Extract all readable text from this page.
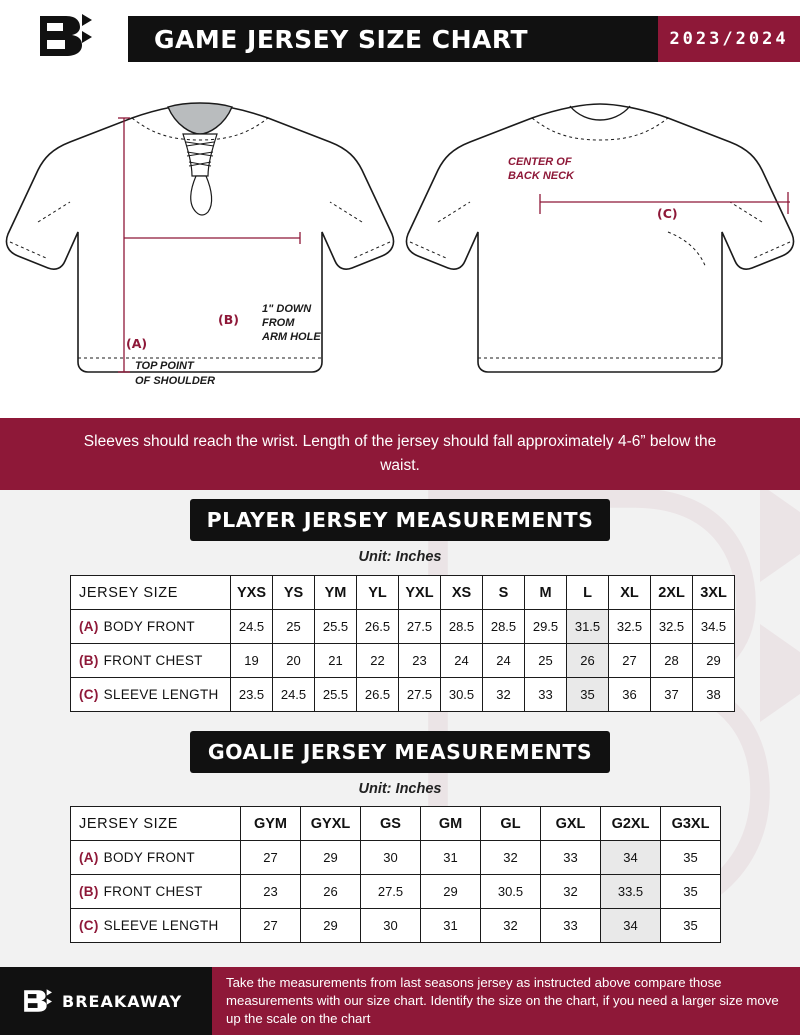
GAME JERSEY SIZE CHART	2023/2024
(A)
TOP POINT
OF SHOULDER
(B)
1" DOWN
FROM
ARM HOLE
(C)
CENTER OF
BACK NECK
Sleeves should reach the wrist. Length of the jersey should fall approximately 4-6” below the waist.
PLAYER JERSEY MEASUREMENTS
Unit: Inches
JERSEY SIZE	YXS	YS	YM	YL	YXL	XS	S	M	L	XL	2XL	3XL
(A) BODY FRONT	24.5	25	25.5	26.5	27.5	28.5	28.5	29.5	31.5	32.5	32.5	34.5
(B) FRONT CHEST	19	20	21	22	23	24	24	25	26	27	28	29
(C) SLEEVE LENGTH	23.5	24.5	25.5	26.5	27.5	30.5	32	33	35	36	37	38
GOALIE JERSEY MEASUREMENTS
Unit: Inches
JERSEY SIZE	GYM	GYXL	GS	GM	GL	GXL	G2XL	G3XL
(A) BODY FRONT	27	29	30	31	32	33	34	35
(B) FRONT CHEST	23	26	27.5	29	30.5	32	33.5	35
(C) SLEEVE LENGTH	27	29	30	31	32	33	34	35
BREAKAWAY
Take the measurements from last seasons jersey as instructed above compare those measurements with our size chart. Identify the size on the chart, if you need a larger size move up the scale on the chart
